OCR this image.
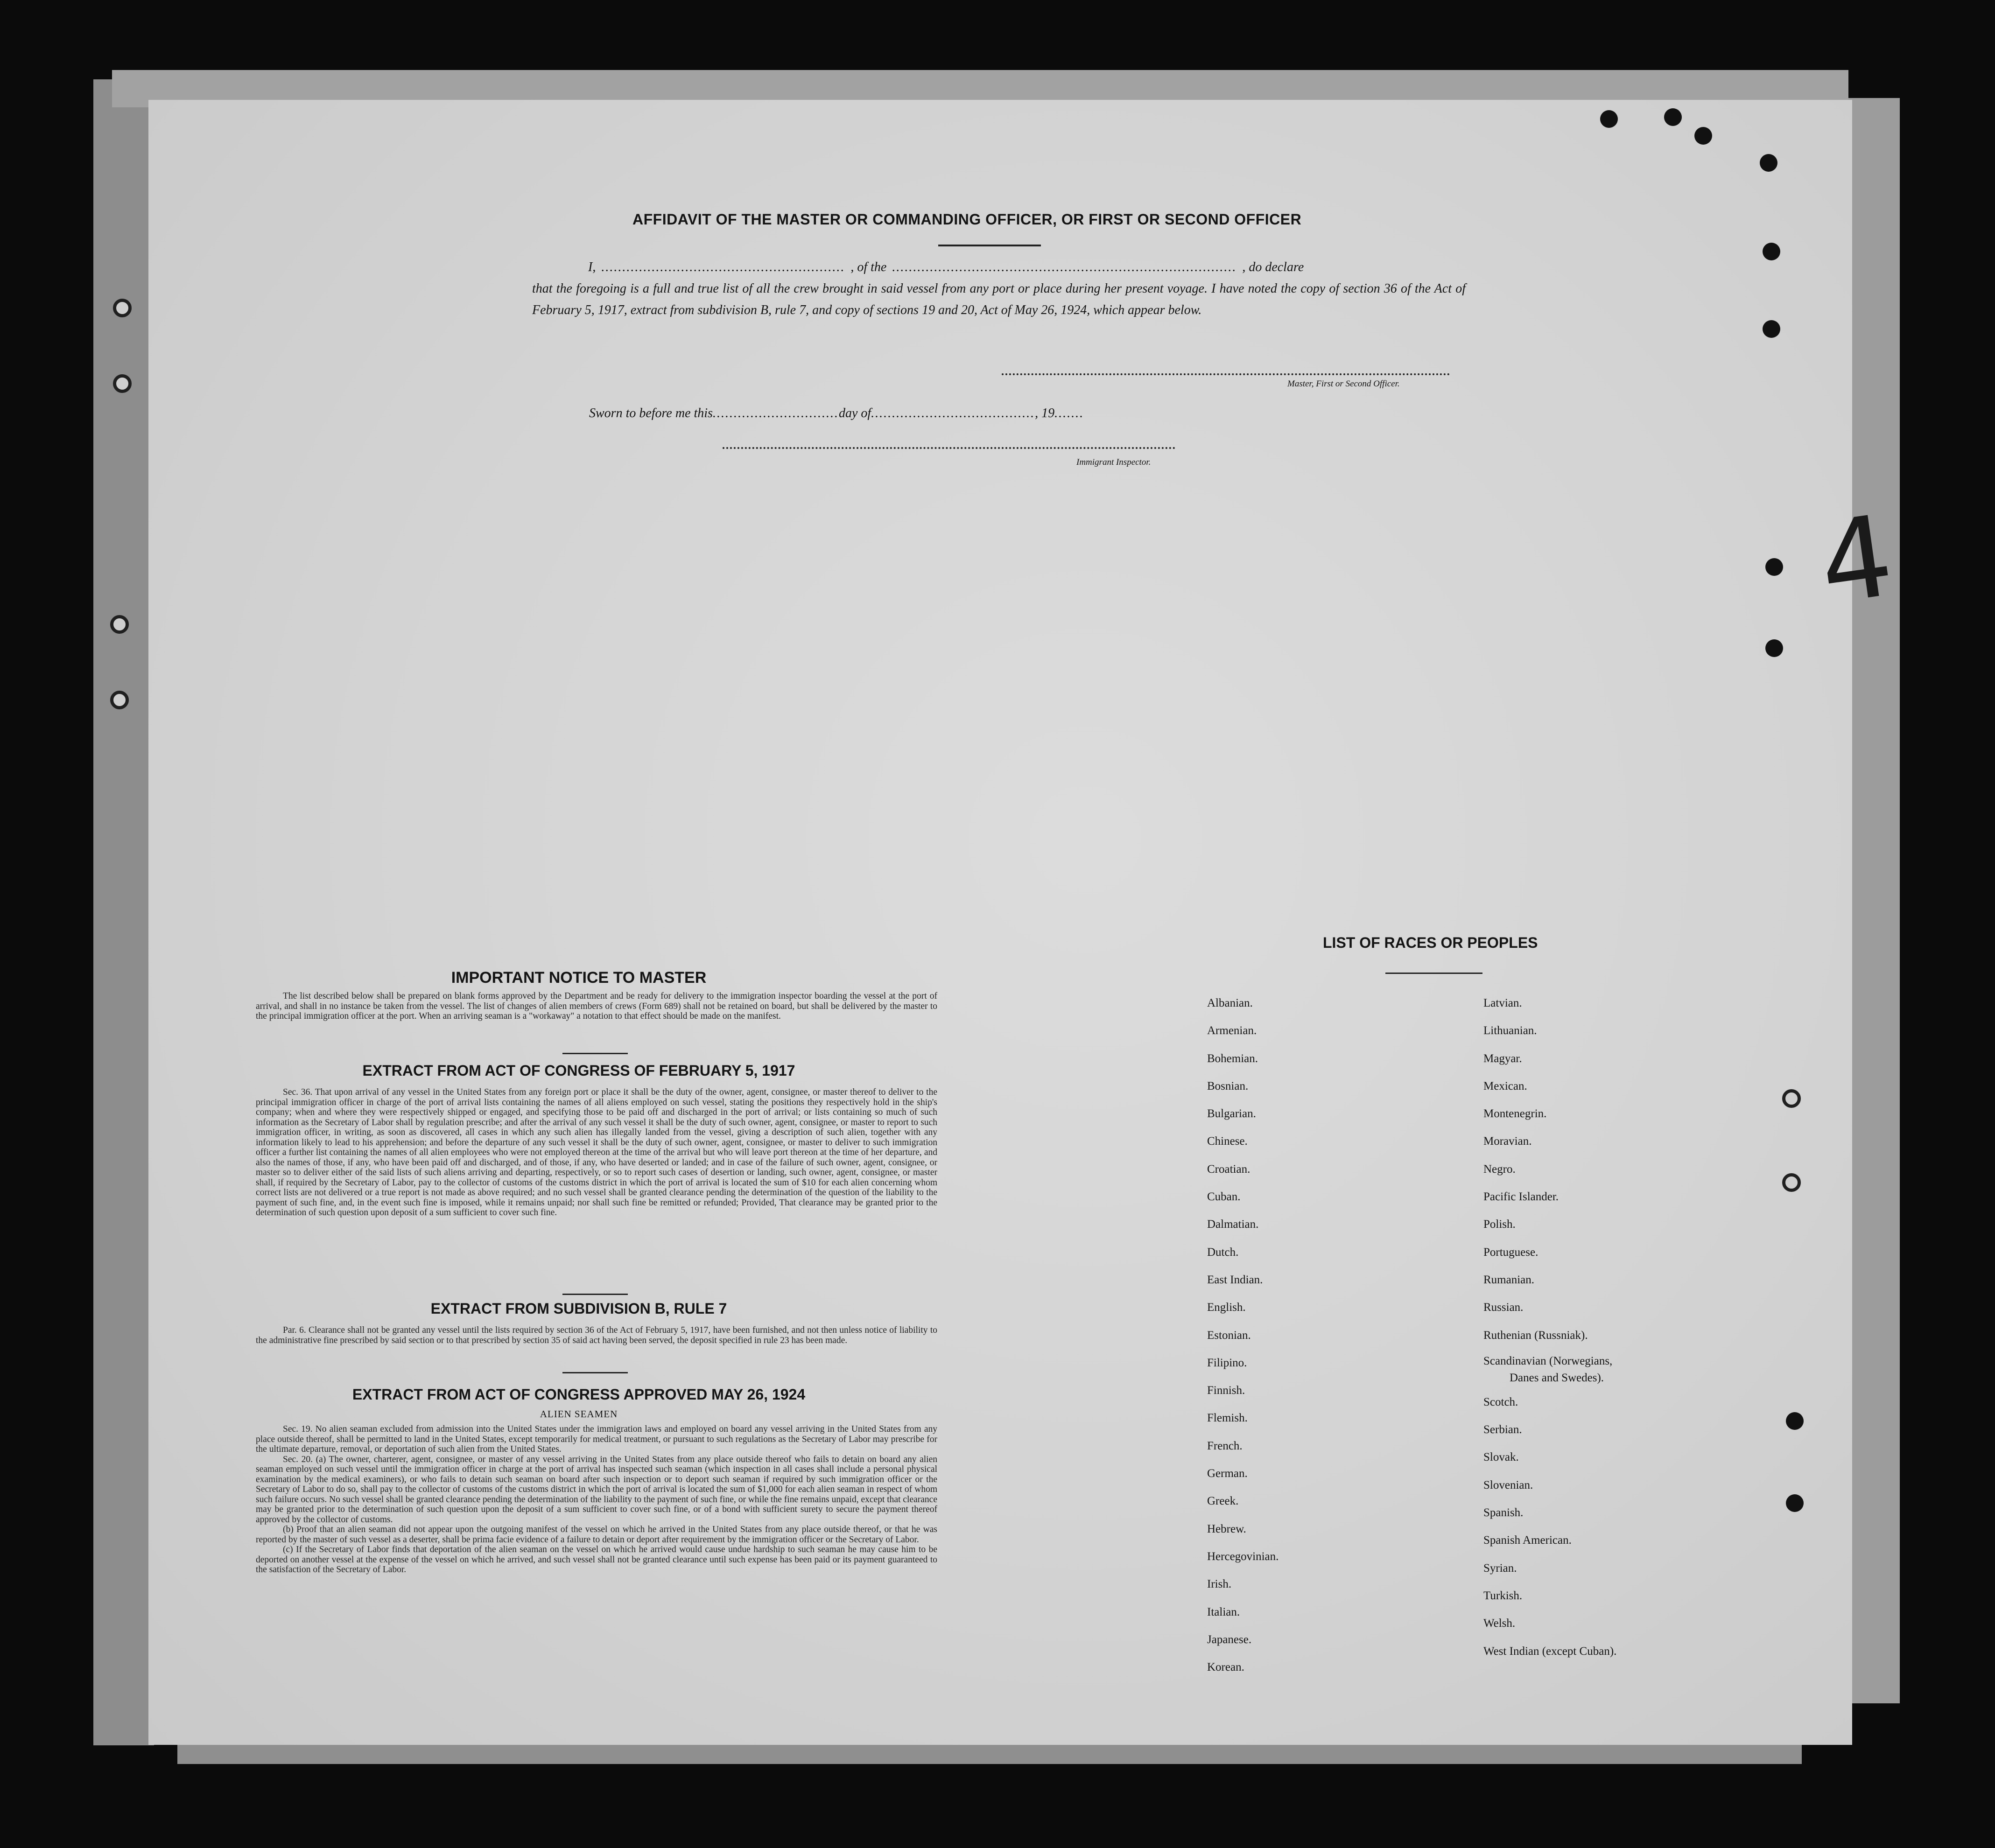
4
AFFIDAVIT OF THE MASTER OR COMMANDING OFFICER, OR FIRST OR SECOND OFFICER
I, .......................................................... , of the .................................................................................. , do declare
that the foregoing is a full and true list of all the crew brought in said vessel from any port or place during her present voyage. I have noted the copy of section 36 of the Act of February 5, 1917, extract from subdivision B, rule 7, and copy of sections 19 and 20, Act of May 26, 1924, which appear below.
Master, First or Second Officer.
Sworn to before me this..............................day of......................................., 19.......
Immigrant Inspector.
IMPORTANT NOTICE TO MASTER
The list described below shall be prepared on blank forms approved by the Department and be ready for delivery to the immigration inspector boarding the vessel at the port of arrival, and shall in no instance be taken from the vessel. The list of changes of alien members of crews (Form 689) shall not be retained on board, but shall be delivered by the master to the principal immigration officer at the port. When an arriving seaman is a "workaway" a notation to that effect should be made on the manifest.
EXTRACT FROM ACT OF CONGRESS OF FEBRUARY 5, 1917
Sec. 36. That upon arrival of any vessel in the United States from any foreign port or place it shall be the duty of the owner, agent, consignee, or master thereof to deliver to the principal immigration officer in charge of the port of arrival lists containing the names of all aliens employed on such vessel, stating the positions they respectively hold in the ship's company; when and where they were respectively shipped or engaged, and specifying those to be paid off and discharged in the port of arrival; or lists containing so much of such information as the Secretary of Labor shall by regulation prescribe; and after the arrival of any such vessel it shall be the duty of such owner, agent, consignee, or master to report to such immigration officer, in writing, as soon as discovered, all cases in which any such alien has illegally landed from the vessel, giving a description of such alien, together with any information likely to lead to his apprehension; and before the departure of any such vessel it shall be the duty of such owner, agent, consignee, or master to deliver to such immigration officer a further list containing the names of all alien employees who were not employed thereon at the time of the arrival but who will leave port thereon at the time of her departure, and also the names of those, if any, who have been paid off and discharged, and of those, if any, who have deserted or landed; and in case of the failure of such owner, agent, consignee, or master so to deliver either of the said lists of such aliens arriving and departing, respectively, or so to report such cases of desertion or landing, such owner, agent, consignee, or master shall, if required by the Secretary of Labor, pay to the collector of customs of the customs district in which the port of arrival is located the sum of $10 for each alien concerning whom correct lists are not delivered or a true report is not made as above required; and no such vessel shall be granted clearance pending the determination of the question of the liability to the payment of such fine, and, in the event such fine is imposed, while it remains unpaid; nor shall such fine be remitted or refunded; Provided, That clearance may be granted prior to the determination of such question upon deposit of a sum sufficient to cover such fine.
EXTRACT FROM SUBDIVISION B, RULE 7
Par. 6. Clearance shall not be granted any vessel until the lists required by section 36 of the Act of February 5, 1917, have been furnished, and not then unless notice of liability to the administrative fine prescribed by said section or to that prescribed by section 35 of said act having been served, the deposit specified in rule 23 has been made.
EXTRACT FROM ACT OF CONGRESS APPROVED MAY 26, 1924
ALIEN SEAMEN
Sec. 19. No alien seaman excluded from admission into the United States under the immigration laws and employed on board any vessel arriving in the United States from any place outside thereof, shall be permitted to land in the United States, except temporarily for medical treatment, or pursuant to such regulations as the Secretary of Labor may prescribe for the ultimate departure, removal, or deportation of such alien from the United States.
Sec. 20. (a) The owner, charterer, agent, consignee, or master of any vessel arriving in the United States from any place outside thereof who fails to detain on board any alien seaman employed on such vessel until the immigration officer in charge at the port of arrival has inspected such seaman (which inspection in all cases shall include a personal physical examination by the medical examiners), or who fails to detain such seaman on board after such inspection or to deport such seaman if required by such immigration officer or the Secretary of Labor to do so, shall pay to the collector of customs of the customs district in which the port of arrival is located the sum of $1,000 for each alien seaman in respect of whom such failure occurs. No such vessel shall be granted clearance pending the determination of the liability to the payment of such fine, or while the fine remains unpaid, except that clearance may be granted prior to the determination of such question upon the deposit of a sum sufficient to cover such fine, or of a bond with sufficient surety to secure the payment thereof approved by the collector of customs.
(b) Proof that an alien seaman did not appear upon the outgoing manifest of the vessel on which he arrived in the United States from any place outside thereof, or that he was reported by the master of such vessel as a deserter, shall be prima facie evidence of a failure to detain or deport after requirement by the immigration officer or the Secretary of Labor.
(c) If the Secretary of Labor finds that deportation of the alien seaman on the vessel on which he arrived would cause undue hardship to such seaman he may cause him to be deported on another vessel at the expense of the vessel on which he arrived, and such vessel shall not be granted clearance until such expense has been paid or its payment guaranteed to the satisfaction of the Secretary of Labor.
LIST OF RACES OR PEOPLES
Albanian.
Armenian.
Bohemian.
Bosnian.
Bulgarian.
Chinese.
Croatian.
Cuban.
Dalmatian.
Dutch.
East Indian.
English.
Estonian.
Filipino.
Finnish.
Flemish.
French.
German.
Greek.
Hebrew.
Hercegovinian.
Irish.
Italian.
Japanese.
Korean.
Latvian.
Lithuanian.
Magyar.
Mexican.
Montenegrin.
Moravian.
Negro.
Pacific Islander.
Polish.
Portuguese.
Rumanian.
Russian.
Ruthenian (Russniak).
Scandinavian (Norwegians,
Danes and Swedes).
Scotch.
Serbian.
Slovak.
Slovenian.
Spanish.
Spanish American.
Syrian.
Turkish.
Welsh.
West Indian (except Cuban).
